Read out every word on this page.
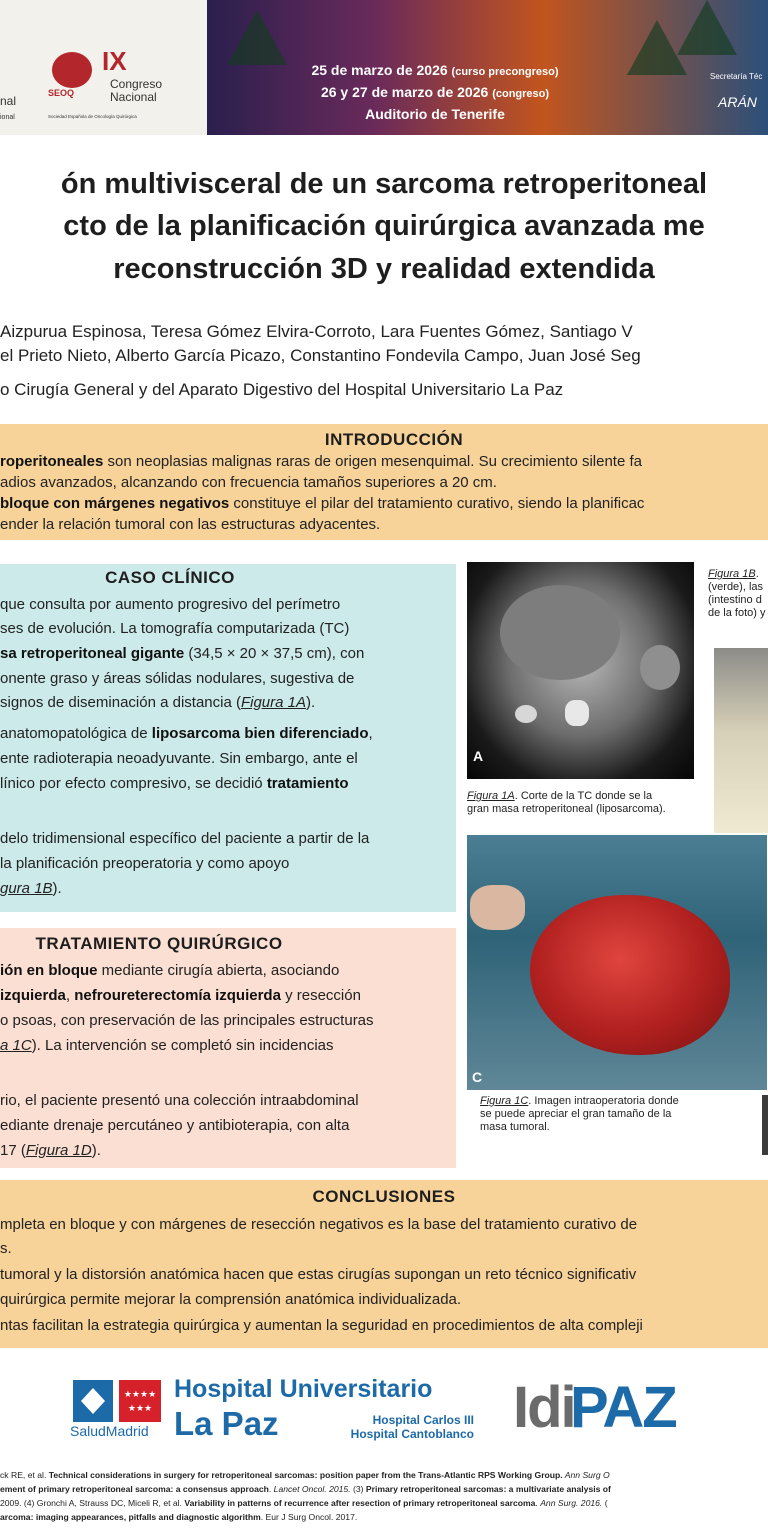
nal
ional
SEOQ
Sociedad Española de Oncología Quirúrgica
IX
Congreso
Nacional
25 de marzo de 2026 (curso precongreso)
26 y 27 de marzo de 2026 (congreso)
Auditorio de Tenerife
Secretaría Téc
ARÁN
ón multivisceral de un sarcoma retroperitoneal
cto de la planificación quirúrgica avanzada me
reconstrucción 3D y realidad extendida
Aizpurua Espinosa, Teresa Gómez Elvira-Corroto, Lara Fuentes Gómez, Santiago V
el Prieto Nieto, Alberto García Picazo, Constantino Fondevila Campo, Juan José Seg
o Cirugía General y del Aparato Digestivo del Hospital Universitario La Paz
INTRODUCCIÓN
roperitoneales son neoplasias malignas raras de origen mesenquimal. Su crecimiento silente fa
adios avanzados, alcanzando con frecuencia tamaños superiores a 20 cm.
bloque con márgenes negativos constituye el pilar del tratamiento curativo, siendo la planificac
ender la relación tumoral con las estructuras adyacentes.
CASO CLÍNICO
que consulta por aumento progresivo del perímetro
ses de evolución. La tomografía computarizada (TC)
sa retroperitoneal gigante (34,5 × 20 × 37,5 cm), con
onente graso y áreas sólidas nodulares, sugestiva de
signos de diseminación a distancia (Figura 1A).
anatomopatológica de liposarcoma bien diferenciado,
ente radioterapia neoadyuvante. Sin embargo, ante el
línico por efecto compresivo, se decidió tratamiento
delo tridimensional específico del paciente a partir de la
la planificación preoperatoria y como apoyo
gura 1B).
TRATAMIENTO QUIRÚRGICO
ión en bloque mediante cirugía abierta, asociando
izquierda, nefroureterectomía izquierda y resección
o psoas, con preservación de las principales estructuras
a 1C). La intervención se completó sin incidencias
rio, el paciente presentó una colección intraabdominal
ediante drenaje percutáneo y antibioterapia, con alta
17 (Figura 1D).
A
Figura 1A. Corte de la TC donde se la
gran masa retroperitoneal (liposarcoma).
Figura 1B.
(verde), las
(intestino d
de la foto) y
C
Figura 1C. Imagen intraoperatoria donde
se puede apreciar el gran tamaño de la
masa tumoral.
CONCLUSIONES
mpleta en bloque y con márgenes de resección negativos es la base del tratamiento curativo de
s.
tumoral y la distorsión anatómica hacen que estas cirugías supongan un reto técnico significativ
quirúrgica permite mejorar la comprensión anatómica individualizada.
ntas facilitan la estrategia quirúrgica y aumentan la seguridad en procedimientos de alta compleji
★★★★
★★★
SaludMadrid
Hospital Universitario
La Paz	Hospital Carlos III
Hospital Cantoblanco Idi
PAZ
ck RE, et al. Technical considerations in surgery for retroperitoneal sarcomas: position paper from the Trans-Atlantic RPS Working Group. Ann Surg O
ement of primary retroperitoneal sarcoma: a consensus approach. Lancet Oncol. 2015. (3) Primary retroperitoneal sarcomas: a multivariate analysis of
2009. (4) Gronchi A, Strauss DC, Miceli R, et al. Variability in patterns of recurrence after resection of primary retroperitoneal sarcoma. Ann Surg. 2016. (
arcoma: imaging appearances, pitfalls and diagnostic algorithm. Eur J Surg Oncol. 2017.
